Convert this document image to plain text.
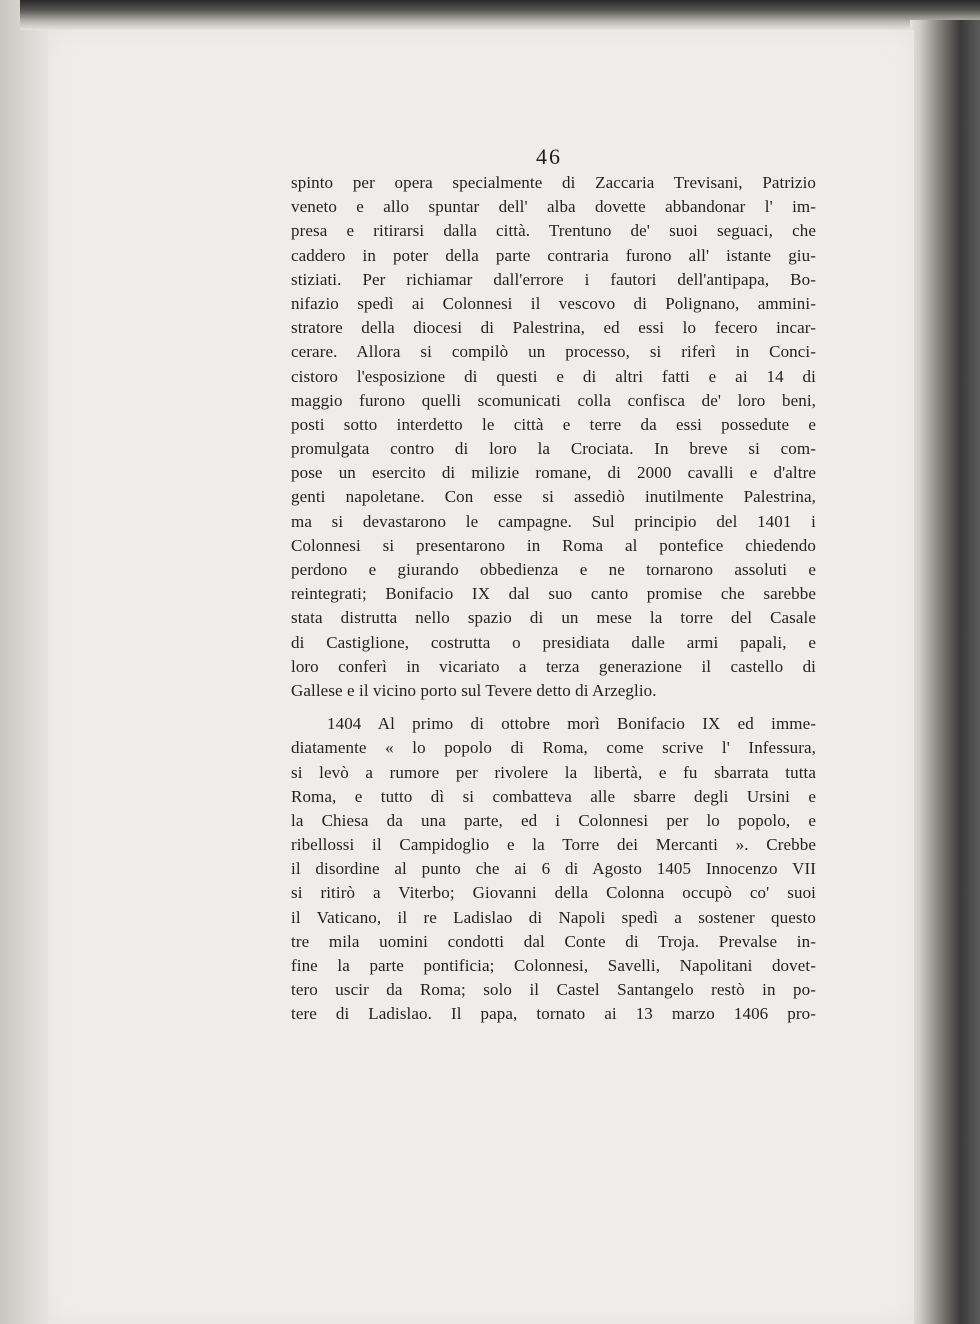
46
spinto per opera specialmente di Zaccaria Trevisani, Patrizio
veneto e allo spuntar dell' alba dovette abbandonar l' im-
presa e ritirarsi dalla città. Trentuno de' suoi seguaci, che
caddero in poter della parte contraria furono all' istante giu-
stiziati. Per richiamar dall'errore i fautori dell'antipapa, Bo-
nifazio spedì ai Colonnesi il vescovo di Polignano, ammini-
stratore della diocesi di Palestrina, ed essi lo fecero incar-
cerare. Allora si compilò un processo, si riferì in Conci-
cistoro l'esposizione di questi e di altri fatti e ai 14 di
maggio furono quelli scomunicati colla confisca de' loro beni,
posti sotto interdetto le città e terre da essi possedute e
promulgata contro di loro la Crociata. In breve si com-
pose un esercito di milizie romane, di 2000 cavalli e d'altre
genti napoletane. Con esse si assediò inutilmente Palestrina,
ma si devastarono le campagne. Sul principio del 1401 i
Colonnesi si presentarono in Roma al pontefice chiedendo
perdono e giurando obbedienza e ne tornarono assoluti e
reintegrati; Bonifacio IX dal suo canto promise che sarebbe
stata distrutta nello spazio di un mese la torre del Casale
di Castiglione, costrutta o presidiata dalle armi papali, e
loro conferì in vicariato a terza generazione il castello di
Gallese e il vicino porto sul Tevere detto di Arzeglio.
1404 Al primo di ottobre morì Bonifacio IX ed imme-
diatamente « lo popolo di Roma, come scrive l' Infessura,
si levò a rumore per rivolere la libertà, e fu sbarrata tutta
Roma, e tutto dì si combatteva alle sbarre degli Ursini e
la Chiesa da una parte, ed i Colonnesi per lo popolo, e
ribellossi il Campidoglio e la Torre dei Mercanti ». Crebbe
il disordine al punto che ai 6 di Agosto 1405 Innocenzo VII
si ritirò a Viterbo; Giovanni della Colonna occupò co' suoi
il Vaticano, il re Ladislao di Napoli spedì a sostener questo
tre mila uomini condotti dal Conte di Troja. Prevalse in-
fine la parte pontificia; Colonnesi, Savelli, Napolitani dovet-
tero uscir da Roma; solo il Castel Santangelo restò in po-
tere di Ladislao. Il papa, tornato ai 13 marzo 1406 pro-
